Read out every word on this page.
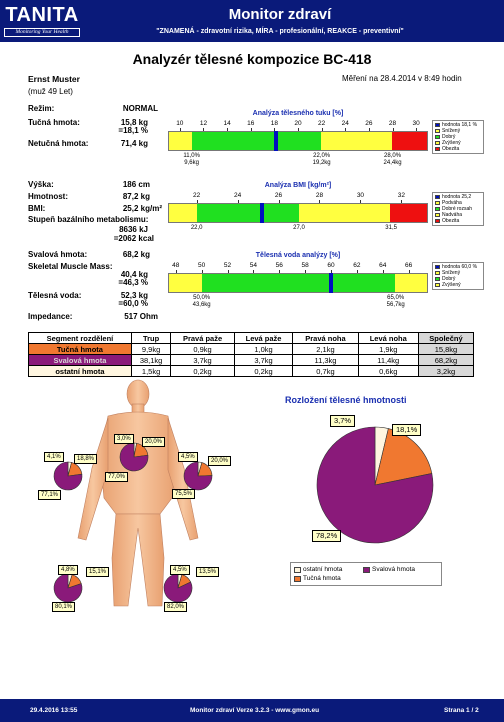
TANITA
Monitoring Your Health
Monitor zdraví
"ZNAMENÁ - zdravotní rizika, MÍRA - profesionální, REAKCE - preventivní"
Analyzér tělesné kompozice BC-418
Ernst Muster
(muž 49 Let)
Měření na 28.4.2014 v 8:49 hodin
Režim:	NORMAL
Tučná hmota:	15,8 kg
=18,1 %
Netučná hmota:	71,4 kg
Výška:	186 cm
Hmotnost:	87,2 kg
BMI:	25,2 kg/m²
Stupeň bazálního metabolismu:
8636 kJ
=2062 kcal
Svalová hmota:	68,2 kg
Skeletal Muscle Mass:
40,4 kg
=46,3 %
Tělesná voda:	52,3 kg
=60,0 %
Impedance:	517 Ohm
Analýza tělesného tuku [%]
10	12	14	16	18	20	22	24	26	28	30
11,0%
9,6kg
22,0%
19,2kg
28,0%
24,4kg
hodnota 18,1 %
Snížený
Dobrý
Zvýšený
Obezita
Analýza BMI [kg/m²]
22	24	26	28	30	32
22,0	27,0	31,5
hodnota 25,2
Podváha
Dobré rozsah
Nadváha
Obezita
Tělesná voda analýzy [%]
48	50	52	54	56	58	60	62	64	66
50,0%
43,6kg
65,0%
56,7kg
hodnota 60,0 %
Snížený
Dobrý
Zvýšený
Segment rozdělení	Trup	Pravá paže	Levá paže	Pravá noha	Levá noha	Společný
Tučná hmota	9,9kg	0,9kg	1,0kg	2,1kg	1,9kg	15,8kg
Svalová hmota	38,1kg	3,7kg	3,7kg	11,3kg	11,4kg	68,2kg
ostatní hmota	1,5kg	0,2kg	0,2kg	0,7kg	0,6kg	3,2kg
3,0%	20,0%
77,0%
4,1%	18,8%
77,1%
4,5%
20,0%
75,5%
4,8%	15,1%
80,1%
4,5%	13,5%
82,0%
Rozložení tělesné hmotnosti
ostatní hmota	Svalová hmota
Tučná hmota
29.4.2016 13:55	Monitor zdraví Verze 3.2.3 - www.gmon.eu	Strana 1 / 2
3,7%
18,1%
78,2%
